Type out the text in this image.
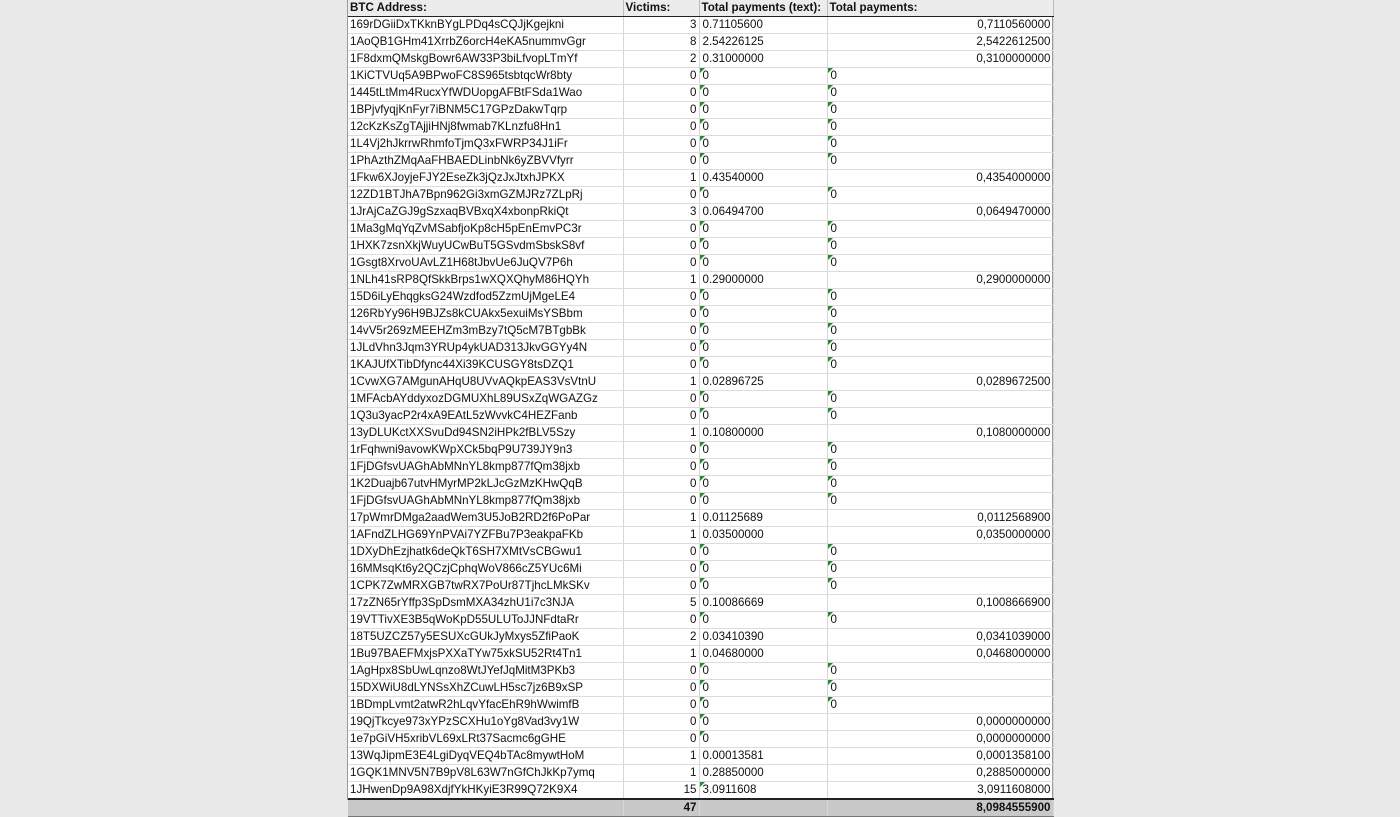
BTC Address:	Victims:	Total payments (text):	Total payments:
169rDGiiDxTKknBYgLPDq4sCQJjKgejkni	3	0.71105600	0,7110560000
1AoQB1GHm41XrrbZ6orcH4eKA5nummvGgr	8	2.54226125	2,5422612500
1F8dxmQMskgBowr6AW33P3biLfvopLTmYf	2	0.31000000	0,3100000000
1KiCTVUq5A9BPwoFC8S965tsbtqcWr8bty	0	0	0
1445tLtMm4RucxYfWDUopgAFBtFSda1Wao	0	0	0
1BPjvfyqjKnFyr7iBNM5C17GPzDakwTqrp	0	0	0
12cKzKsZgTAjjiHNj8fwmab7KLnzfu8Hn1	0	0	0
1L4Vj2hJkrrwRhmfoTjmQ3xFWRP34J1iFr	0	0	0
1PhAzthZMqAaFHBAEDLinbNk6yZBVVfyrr	0	0	0
1Fkw6XJoyjeFJY2EseZk3jQzJxJtxhJPKX	1	0.43540000	0,4354000000
12ZD1BTJhA7Bpn962Gi3xmGZMJRz7ZLpRj	0	0	0
1JrAjCaZGJ9gSzxaqBVBxqX4xbonpRkiQt	3	0.06494700	0,0649470000
1Ma3gMqYqZvMSabfjoKp8cH5pEnEmvPC3r	0	0	0
1HXK7zsnXkjWuyUCwBuT5GSvdmSbskS8vf	0	0	0
1Gsgt8XrvoUAvLZ1H68tJbvUe6JuQV7P6h	0	0	0
1NLh41sRP8QfSkkBrps1wXQXQhyM86HQYh	1	0.29000000	0,2900000000
15D6iLyEhqgksG24Wzdfod5ZzmUjMgeLE4	0	0	0
126RbYy96H9BJZs8kCUAkx5exuiMsYSBbm	0	0	0
14vV5r269zMEEHZm3mBzy7tQ5cM7BTgbBk	0	0	0
1JLdVhn3Jqm3YRUp4ykUAD313JkvGGYy4N	0	0	0
1KAJUfXTibDfync44Xi39KCUSGY8tsDZQ1	0	0	0
1CvwXG7AMgunAHqU8UVvAQkpEAS3VsVtnU	1	0.02896725	0,0289672500
1MFAcbAYddyxozDGMUXhL89USxZqWGAZGz	0	0	0
1Q3u3yacP2r4xA9EAtL5zWvvkC4HEZFanb	0	0	0
13yDLUKctXXSvuDd94SN2iHPk2fBLV5Szy	1	0.10800000	0,1080000000
1rFqhwni9avowKWpXCk5bqP9U739JY9n3	0	0	0
1FjDGfsvUAGhAbMNnYL8kmp877fQm38jxb	0	0	0
1K2Duajb67utvHMyrMP2kLJcGzMzKHwQqB	0	0	0
1FjDGfsvUAGhAbMNnYL8kmp877fQm38jxb	0	0	0
17pWmrDMga2aadWem3U5JoB2RD2f6PoPar	1	0.01125689	0,0112568900
1AFndZLHG69YnPVAi7YZFBu7P3eakpaFKb	1	0.03500000	0,0350000000
1DXyDhEzjhatk6deQkT6SH7XMtVsCBGwu1	0	0	0
16MMsqKt6y2QCzjCphqWoV866cZ5YUc6Mi	0	0	0
1CPK7ZwMRXGB7twRX7PoUr87TjhcLMkSKv	0	0	0
17zZN65rYffp3SpDsmMXA34zhU1i7c3NJA	5	0.10086669	0,1008666900
19VTTivXE3B5qWoKpD55ULUToJJNFdtaRr	0	0	0
18T5UZCZ57y5ESUXcGUkJyMxys5ZfiPaoK	2	0.03410390	0,0341039000
1Bu97BAEFMxjsPXXaTYw75xkSU52Rt4Tn1	1	0.04680000	0,0468000000
1AgHpx8SbUwLqnzo8WtJYefJqMitM3PKb3	0	0	0
15DXWiU8dLYNSsXhZCuwLH5sc7jz6B9xSP	0	0	0
1BDmpLvmt2atwR2hLqvYfacEhR9hWwimfB	0	0	0
19QjTkcye973xYPzSCXHu1oYg8Vad3vy1W	0	0	0,0000000000
1e7pGiVH5xribVL69xLRt37Sacmc6gGHE	0	0	0,0000000000
13WqJipmE3E4LgiDyqVEQ4bTAc8mywtHoM	1	0.00013581	0,0001358100
1GQK1MNV5N7B9pV8L63W7nGfChJkKp7ymq	1	0.28850000	0,2885000000
1JHwenDp9A98XdjfYkHKyiE3R99Q72K9X4	15	3.0911608	3,0911608000
	47		8,0984555900
